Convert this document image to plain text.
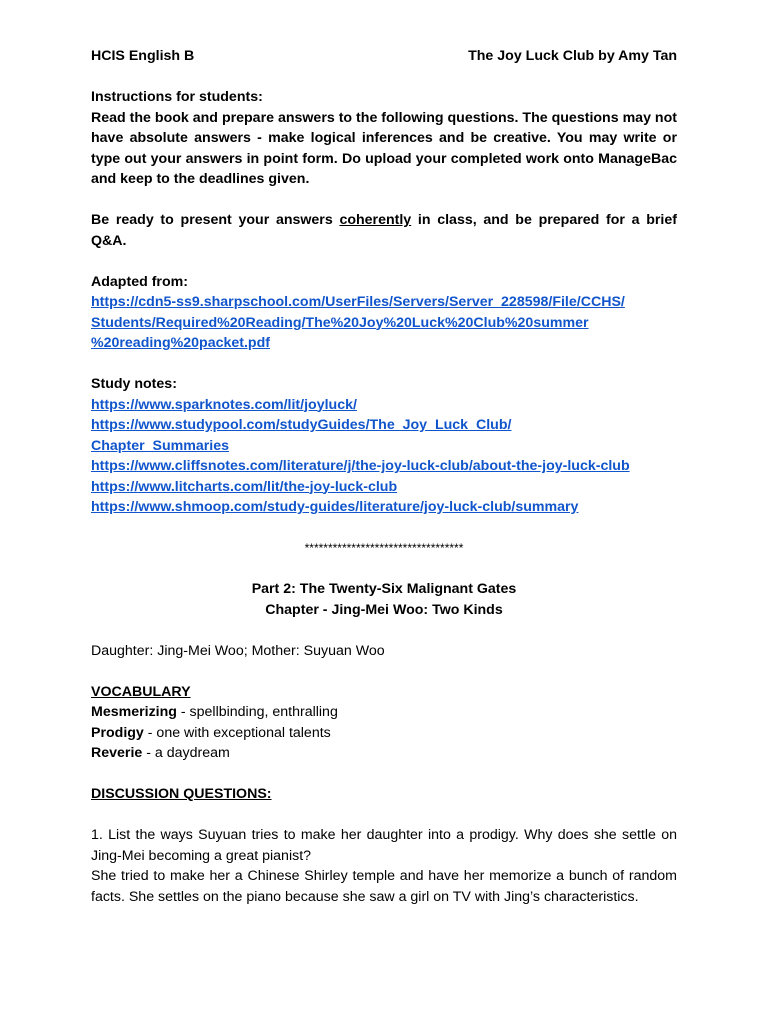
HCIS English B	The Joy Luck Club by Amy Tan

Instructions for students:

Read the book and prepare answers to the following questions. The questions may not have absolute answers - make logical inferences and be creative. You may write or type out your answers in point form. Do upload your completed work onto ManageBac and keep to the deadlines given.

Be ready to present your answers coherently in class, and be prepared for a brief Q&A.

Adapted from:

https://cdn5-ss9.sharpschool.com/UserFiles/Servers/Server_228598/File/CCHS/
Students/Required%20Reading/The%20Joy%20Luck%20Club%20summer
%20reading%20packet.pdf

Study notes:

https://www.sparknotes.com/lit/joyluck/

https://www.studypool.com/studyGuides/The_Joy_Luck_Club/

Chapter_Summaries

https://www.cliffsnotes.com/literature/j/the-joy-luck-club/about-the-joy-luck-club

https://www.litcharts.com/lit/the-joy-luck-club

https://www.shmoop.com/study-guides/literature/joy-luck-club/summary

**********************************

Part 2: The Twenty-Six Malignant Gates

Chapter - Jing-Mei Woo: Two Kinds

Daughter: Jing-Mei Woo; Mother: Suyuan Woo

VOCABULARY

Mesmerizing - spellbinding, enthralling

Prodigy - one with exceptional talents

Reverie - a daydream

DISCUSSION QUESTIONS:

1. List the ways Suyuan tries to make her daughter into a prodigy. Why does she settle on Jing-Mei becoming a great pianist?

She tried to make her a Chinese Shirley temple and have her memorize a bunch of random facts. She settles on the piano because she saw a girl on TV with Jing’s characteristics.
